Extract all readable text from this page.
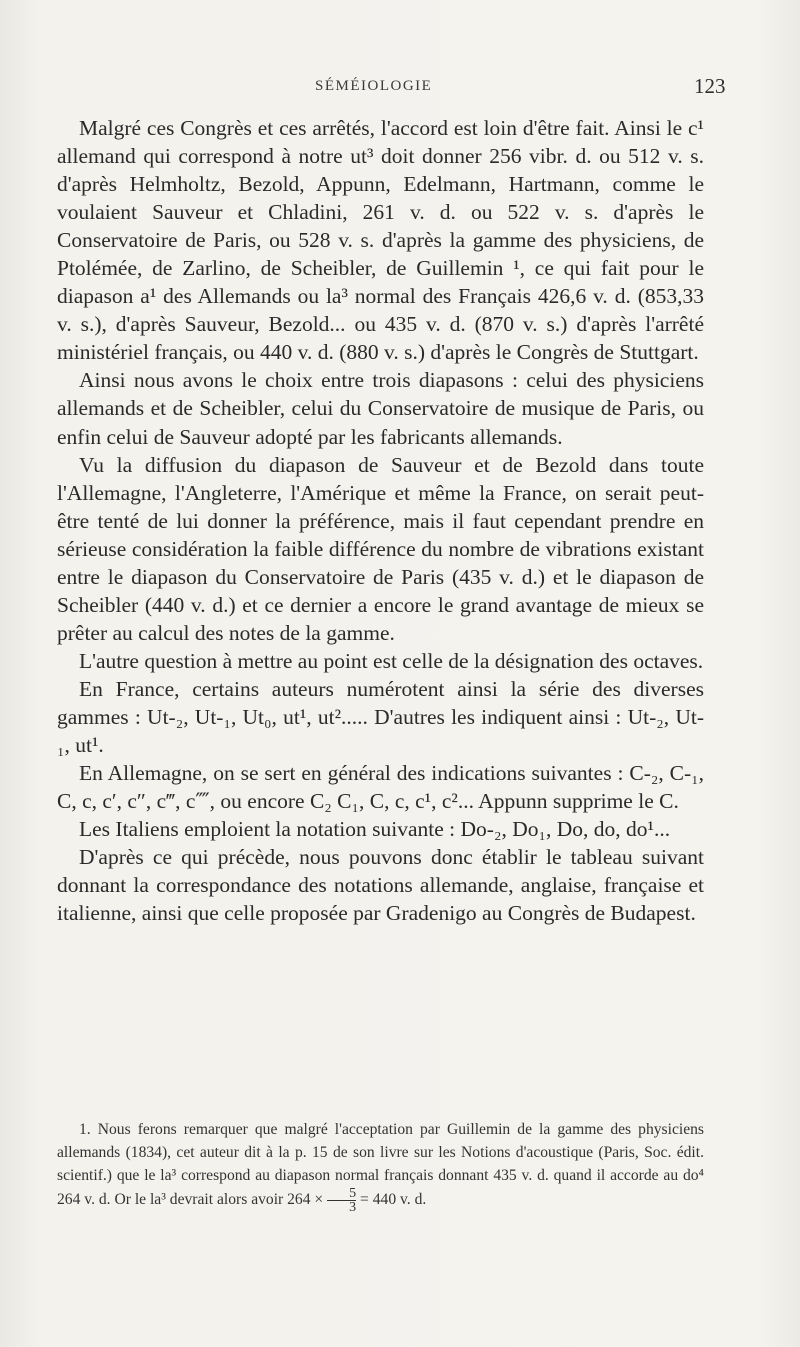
SÉMÉIOLOGIE	123

Malgré ces Congrès et ces arrêtés, l'accord est loin d'être fait. Ainsi le c¹ allemand qui correspond à notre ut³ doit donner 256 vibr. d. ou 512 v. s. d'après Helmholtz, Bezold, Appunn, Edelmann, Hartmann, comme le voulaient Sauveur et Chladini, 261 v. d. ou 522 v. s. d'après le Conservatoire de Paris, ou 528 v. s. d'après la gamme des physiciens, de Ptolémée, de Zarlino, de Scheibler, de Guillemin ¹, ce qui fait pour le diapason a¹ des Allemands ou la³ normal des Français 426,6 v. d. (853,33 v. s.), d'après Sauveur, Bezold... ou 435 v. d. (870 v. s.) d'après l'arrêté ministériel français, ou 440 v. d. (880 v. s.) d'après le Congrès de Stuttgart.

Ainsi nous avons le choix entre trois diapasons : celui des physiciens allemands et de Scheibler, celui du Conservatoire de musique de Paris, ou enfin celui de Sauveur adopté par les fabricants allemands.

Vu la diffusion du diapason de Sauveur et de Bezold dans toute l'Allemagne, l'Angleterre, l'Amérique et même la France, on serait peut-être tenté de lui donner la préférence, mais il faut cependant prendre en sérieuse considération la faible différence du nombre de vibrations existant entre le diapason du Conservatoire de Paris (435 v. d.) et le diapason de Scheibler (440 v. d.) et ce dernier a encore le grand avantage de mieux se prêter au calcul des notes de la gamme.

L'autre question à mettre au point est celle de la désignation des octaves.

En France, certains auteurs numérotent ainsi la série des diverses gammes : Ut-₂, Ut-₁, Ut₀, ut¹, ut²..... D'autres les indiquent ainsi : Ut-₂, Ut-₁, ut¹.

En Allemagne, on se sert en général des indications suivantes : C-₂, C-₁, C, c, c′, c″, c‴, c⁗, ou encore C₂ C₁, C, c, c¹, c²... Appunn supprime le C.

Les Italiens emploient la notation suivante : Do-₂, Do₁, Do, do, do¹...

D'après ce qui précède, nous pouvons donc établir le tableau suivant donnant la correspondance des notations allemande, anglaise, française et italienne, ainsi que celle proposée par Gradenigo au Congrès de Budapest.

1. Nous ferons remarquer que malgré l'acceptation par Guillemin de la gamme des physiciens allemands (1834), cet auteur dit à la p. 15 de son livre sur les Notions d'acoustique (Paris, Soc. édit. scientif.) que le la³ correspond au diapason normal français donnant 435 v. d. quand il accorde au do⁴ 264 v. d. Or le la³ devrait alors avoir $264 \times \frac{5}{3} = 440$ v. d.
